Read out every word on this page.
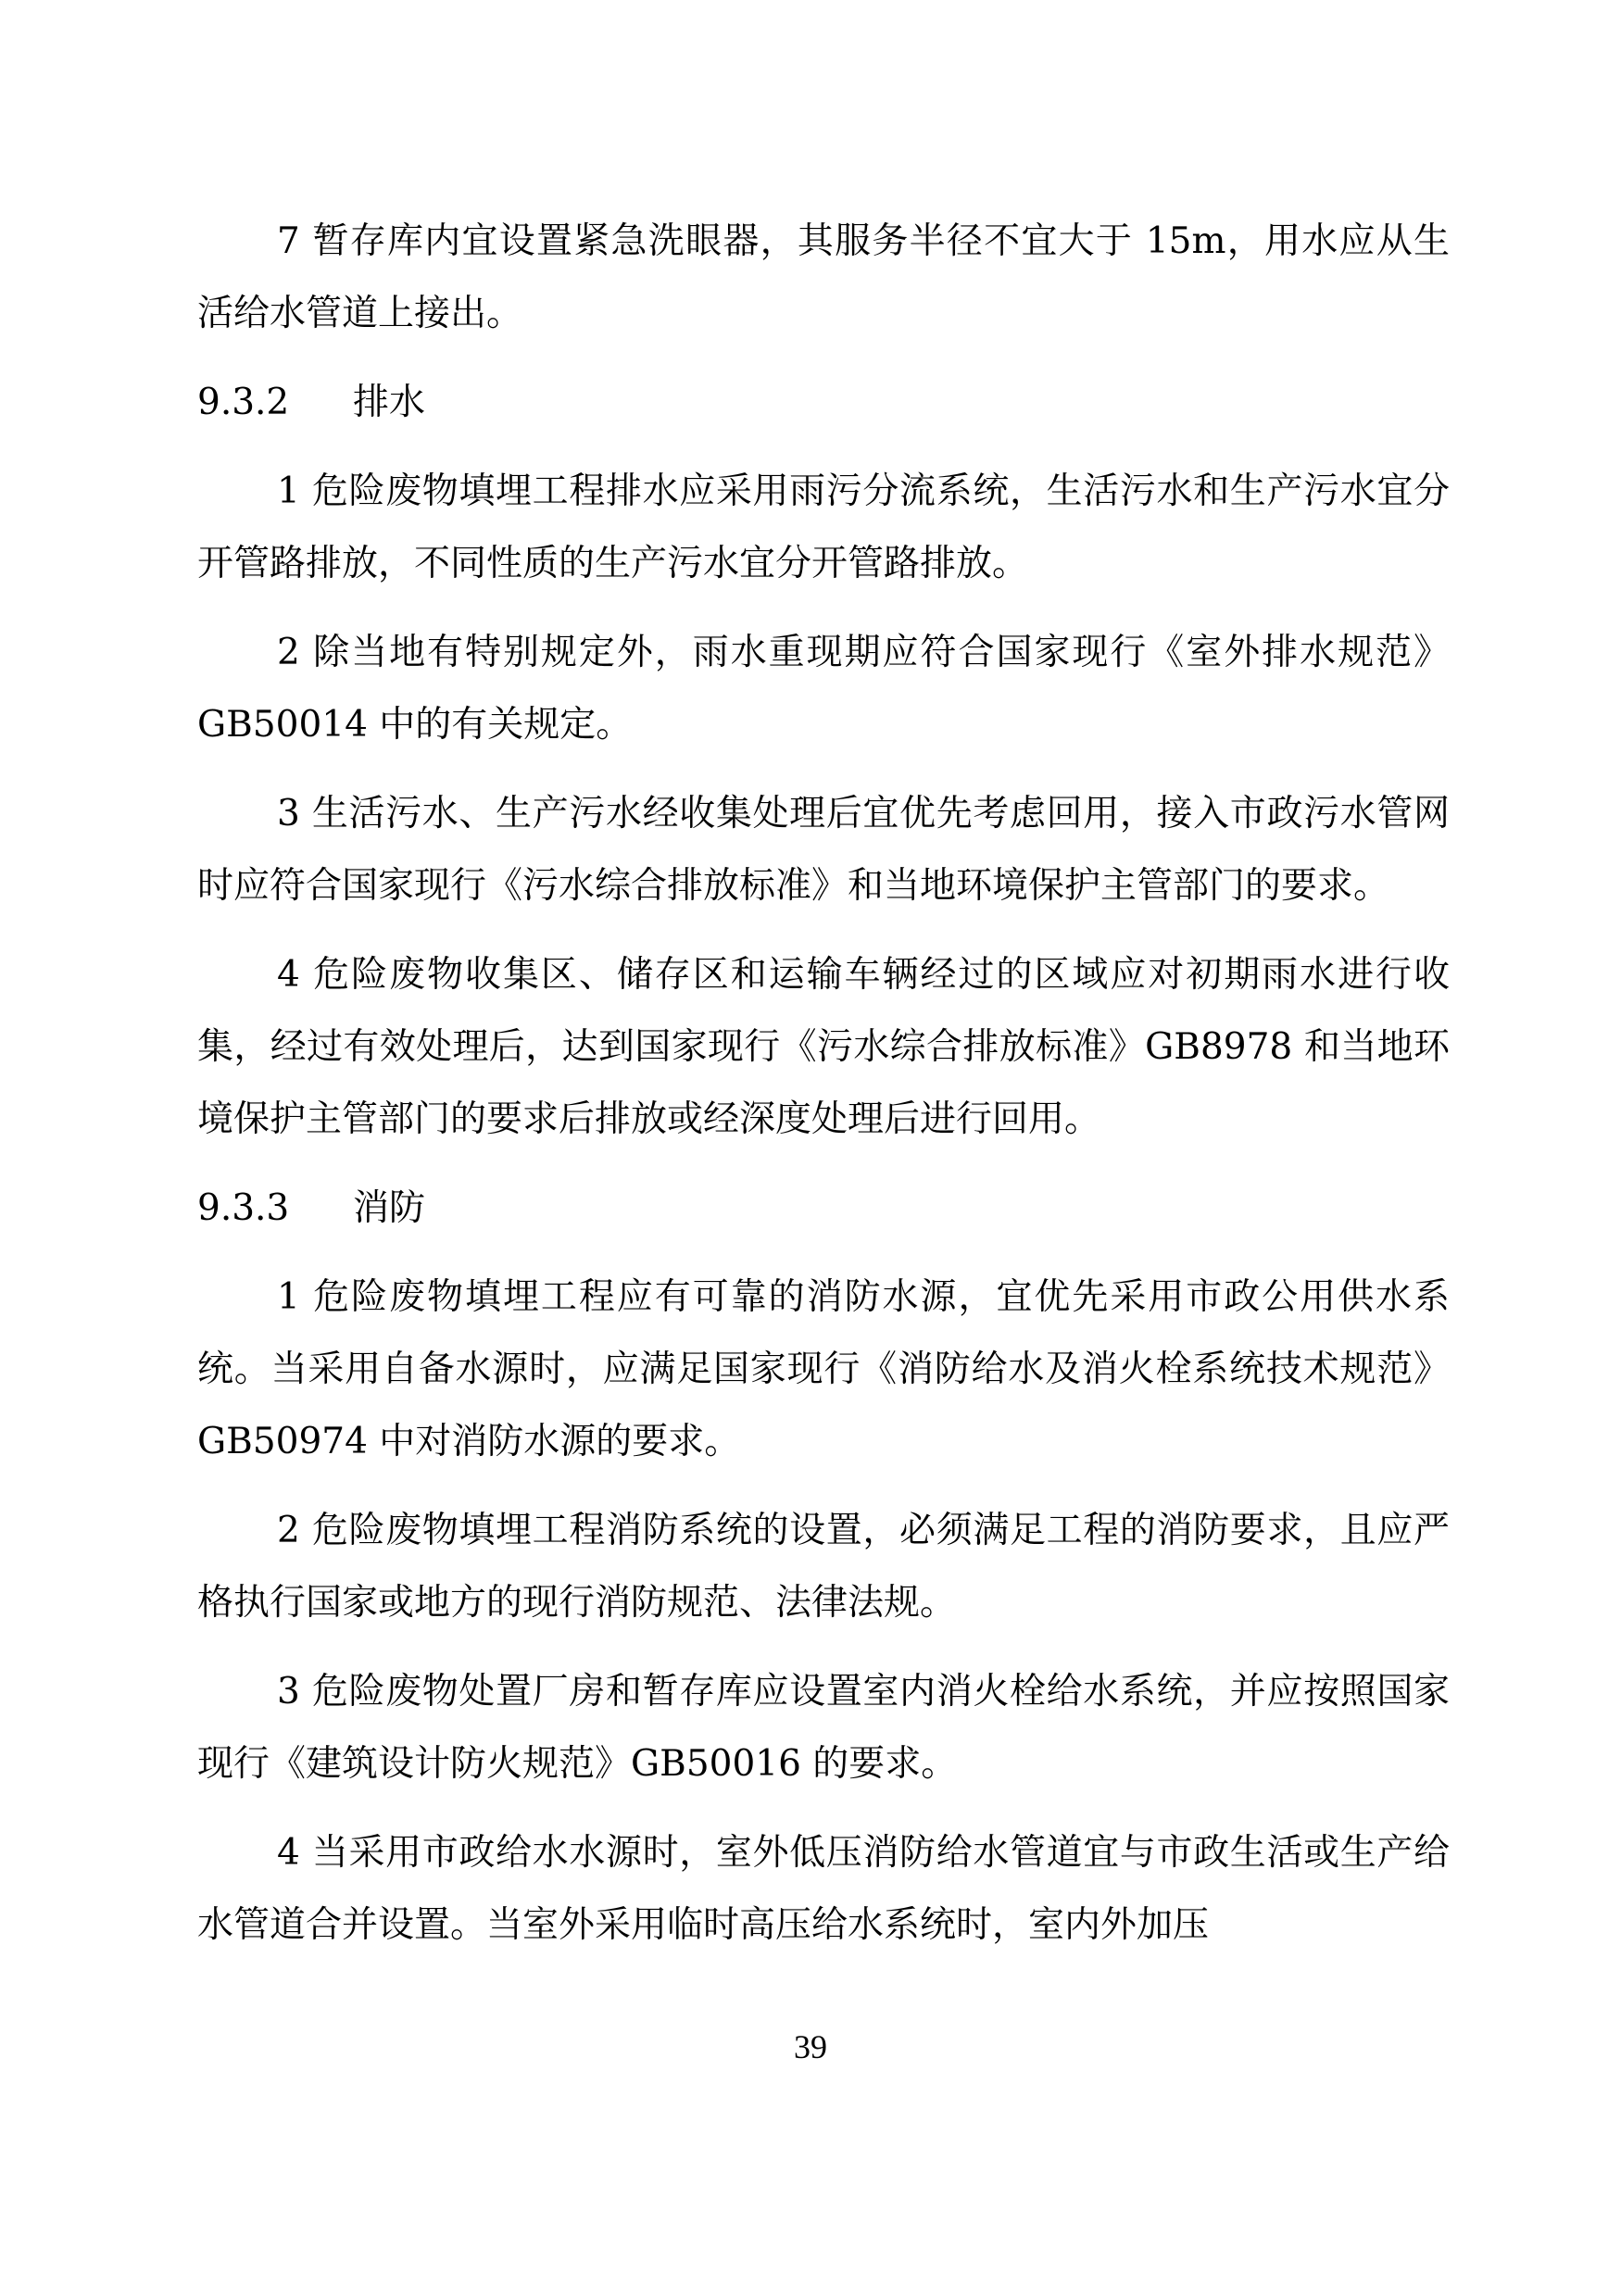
7 暂存库内宜设置紧急洗眼器，其服务半径不宜大于 15m，用水应从生活给水管道上接出。

9.3.2	排水

1 危险废物填埋工程排水应采用雨污分流系统，生活污水和生产污水宜分开管路排放，不同性质的生产污水宜分开管路排放。

2 除当地有特别规定外，雨水重现期应符合国家现行《室外排水规范》GB50014 中的有关规定。

3 生活污水、生产污水经收集处理后宜优先考虑回用，接入市政污水管网时应符合国家现行《污水综合排放标准》和当地环境保护主管部门的要求。

4 危险废物收集区、储存区和运输车辆经过的区域应对初期雨水进行收集，经过有效处理后，达到国家现行《污水综合排放标准》GB8978 和当地环境保护主管部门的要求后排放或经深度处理后进行回用。

9.3.3	消防

1 危险废物填埋工程应有可靠的消防水源，宜优先采用市政公用供水系统。当采用自备水源时，应满足国家现行《消防给水及消火栓系统技术规范》GB50974 中对消防水源的要求。

2 危险废物填埋工程消防系统的设置，必须满足工程的消防要求，且应严格执行国家或地方的现行消防规范、法律法规。

3 危险废物处置厂房和暂存库应设置室内消火栓给水系统，并应按照国家现行《建筑设计防火规范》GB50016 的要求。

4 当采用市政给水水源时，室外低压消防给水管道宜与市政生活或生产给水管道合并设置。当室外采用临时高压给水系统时，室内外加压

39
